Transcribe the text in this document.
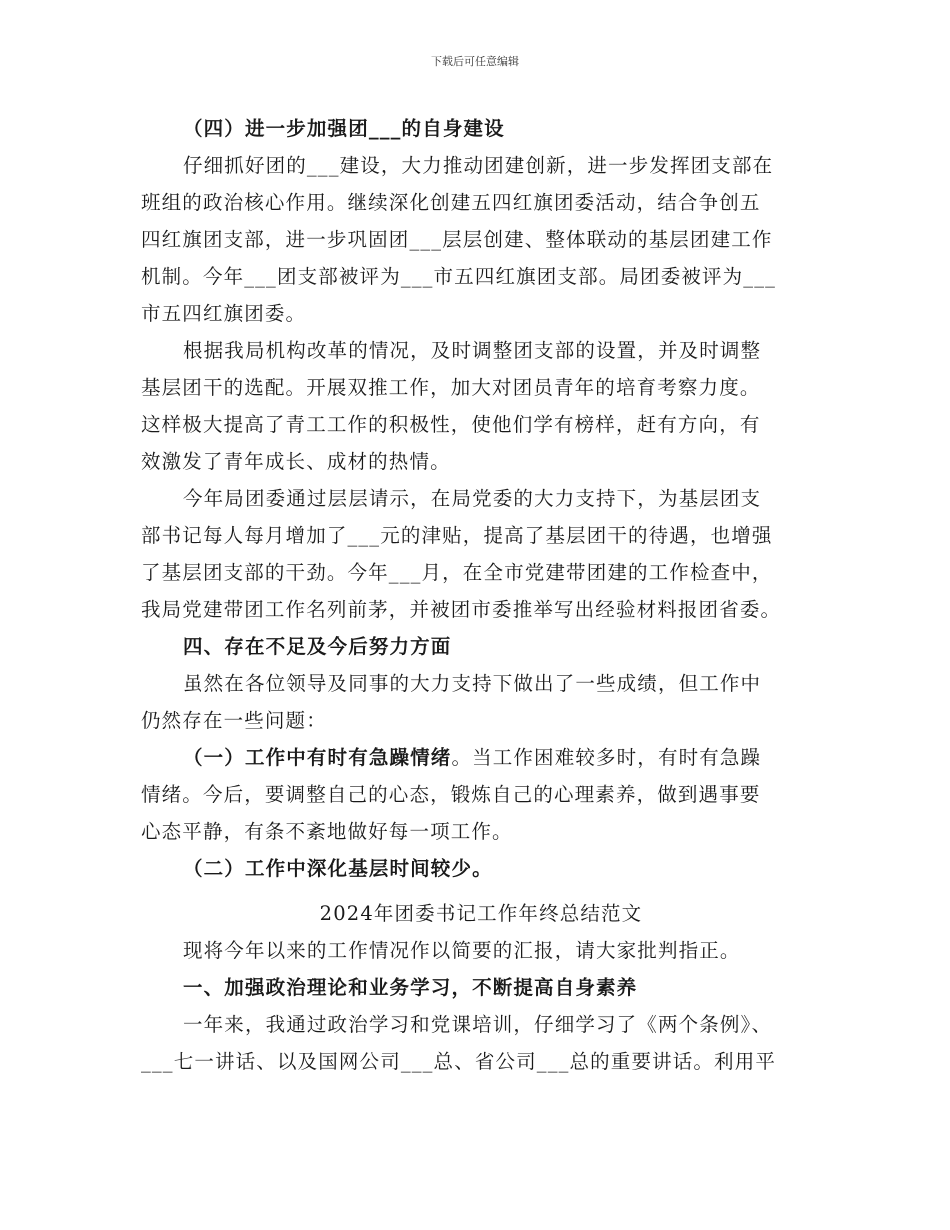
下载后可任意编辑
（四）进一步加强团___的自身建设
仔细抓好团的___建设，大力推动团建创新，进一步发挥团支部在
班组的政治核心作用。继续深化创建五四红旗团委活动，结合争创五
四红旗团支部，进一步巩固团___层层创建、整体联动的基层团建工作
机制。今年___团支部被评为___市五四红旗团支部。局团委被评为___
市五四红旗团委。
根据我局机构改革的情况，及时调整团支部的设置，并及时调整
基层团干的选配。开展双推工作，加大对团员青年的培育考察力度。
这样极大提高了青工工作的积极性，使他们学有榜样，赶有方向，有
效激发了青年成长、成材的热情。
今年局团委通过层层请示，在局党委的大力支持下，为基层团支
部书记每人每月增加了___元的津贴，提高了基层团干的待遇，也增强
了基层团支部的干劲。今年___月，在全市党建带团建的工作检查中，
我局党建带团工作名列前茅，并被团市委推举写出经验材料报团省委。
四、存在不足及今后努力方面
虽然在各位领导及同事的大力支持下做出了一些成绩，但工作中
仍然存在一些问题：
（一）工作中有时有急躁情绪。当工作困难较多时，有时有急躁
情绪。今后，要调整自己的心态，锻炼自己的心理素养，做到遇事要
心态平静，有条不紊地做好每一项工作。
（二）工作中深化基层时间较少。
2024年团委书记工作年终总结范文
现将今年以来的工作情况作以简要的汇报，请大家批判指正。
一、加强政治理论和业务学习，不断提高自身素养
一年来，我通过政治学习和党课培训，仔细学习了《两个条例》、
___七一讲话、以及国网公司___总、省公司___总的重要讲话。利用平
